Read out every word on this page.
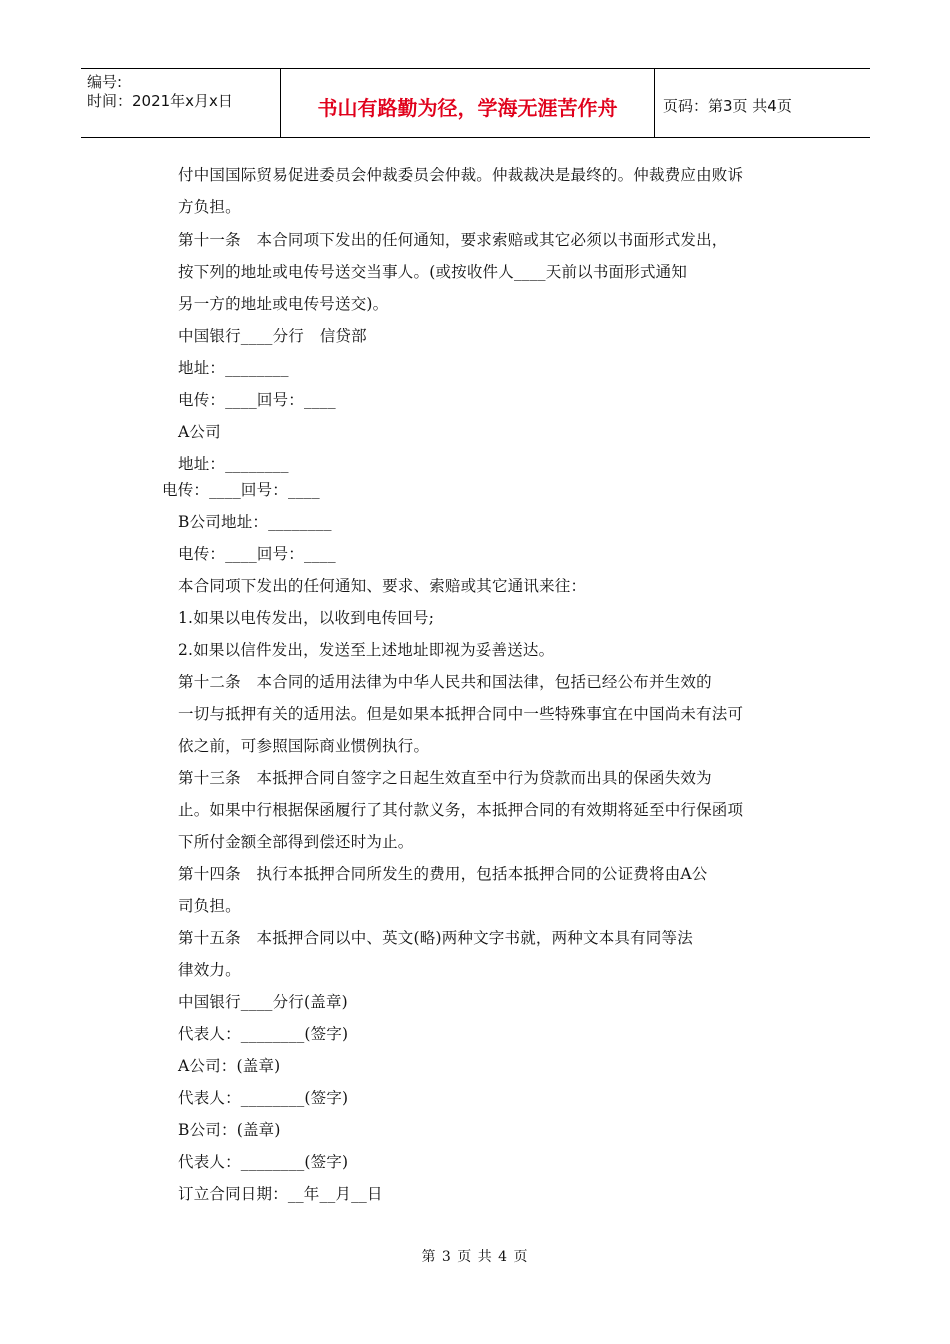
编号:
时间：2021年x月x日	书山有路勤为径，学海无涯苦作舟	页码：第3页 共4页
付中国国际贸易促进委员会仲裁委员会仲裁。仲裁裁决是最终的。仲裁费应由败诉
方负担。
第十一条　本合同项下发出的任何通知，要求索赔或其它必须以书面形式发出，
按下列的地址或电传号送交当事人。(或按收件人____天前以书面形式通知
另一方的地址或电传号送交)。
中国银行____分行　信贷部
地址：________
电传：____回号：____
A公司
地址：________
电传：____回号：____
B公司地址：________
电传：____回号：____
本合同项下发出的任何通知、要求、索赔或其它通讯来往：
1.如果以电传发出，以收到电传回号;
2.如果以信件发出，发送至上述地址即视为妥善送达。
第十二条　本合同的适用法律为中华人民共和国法律，包括已经公布并生效的
一切与抵押有关的适用法。但是如果本抵押合同中一些特殊事宜在中国尚未有法可
依之前，可参照国际商业惯例执行。
第十三条　本抵押合同自签字之日起生效直至中行为贷款而出具的保函失效为
止。如果中行根据保函履行了其付款义务，本抵押合同的有效期将延至中行保函项
下所付金额全部得到偿还时为止。
第十四条　执行本抵押合同所发生的费用，包括本抵押合同的公证费将由A公
司负担。
第十五条　本抵押合同以中、英文(略)两种文字书就，两种文本具有同等法
律效力。
中国银行____分行(盖章)
代表人：________(签字)
A公司：(盖章)
代表人：________(签字)
B公司：(盖章)
代表人：________(签字)
订立合同日期：__年__月__日
第 3 页 共 4 页
